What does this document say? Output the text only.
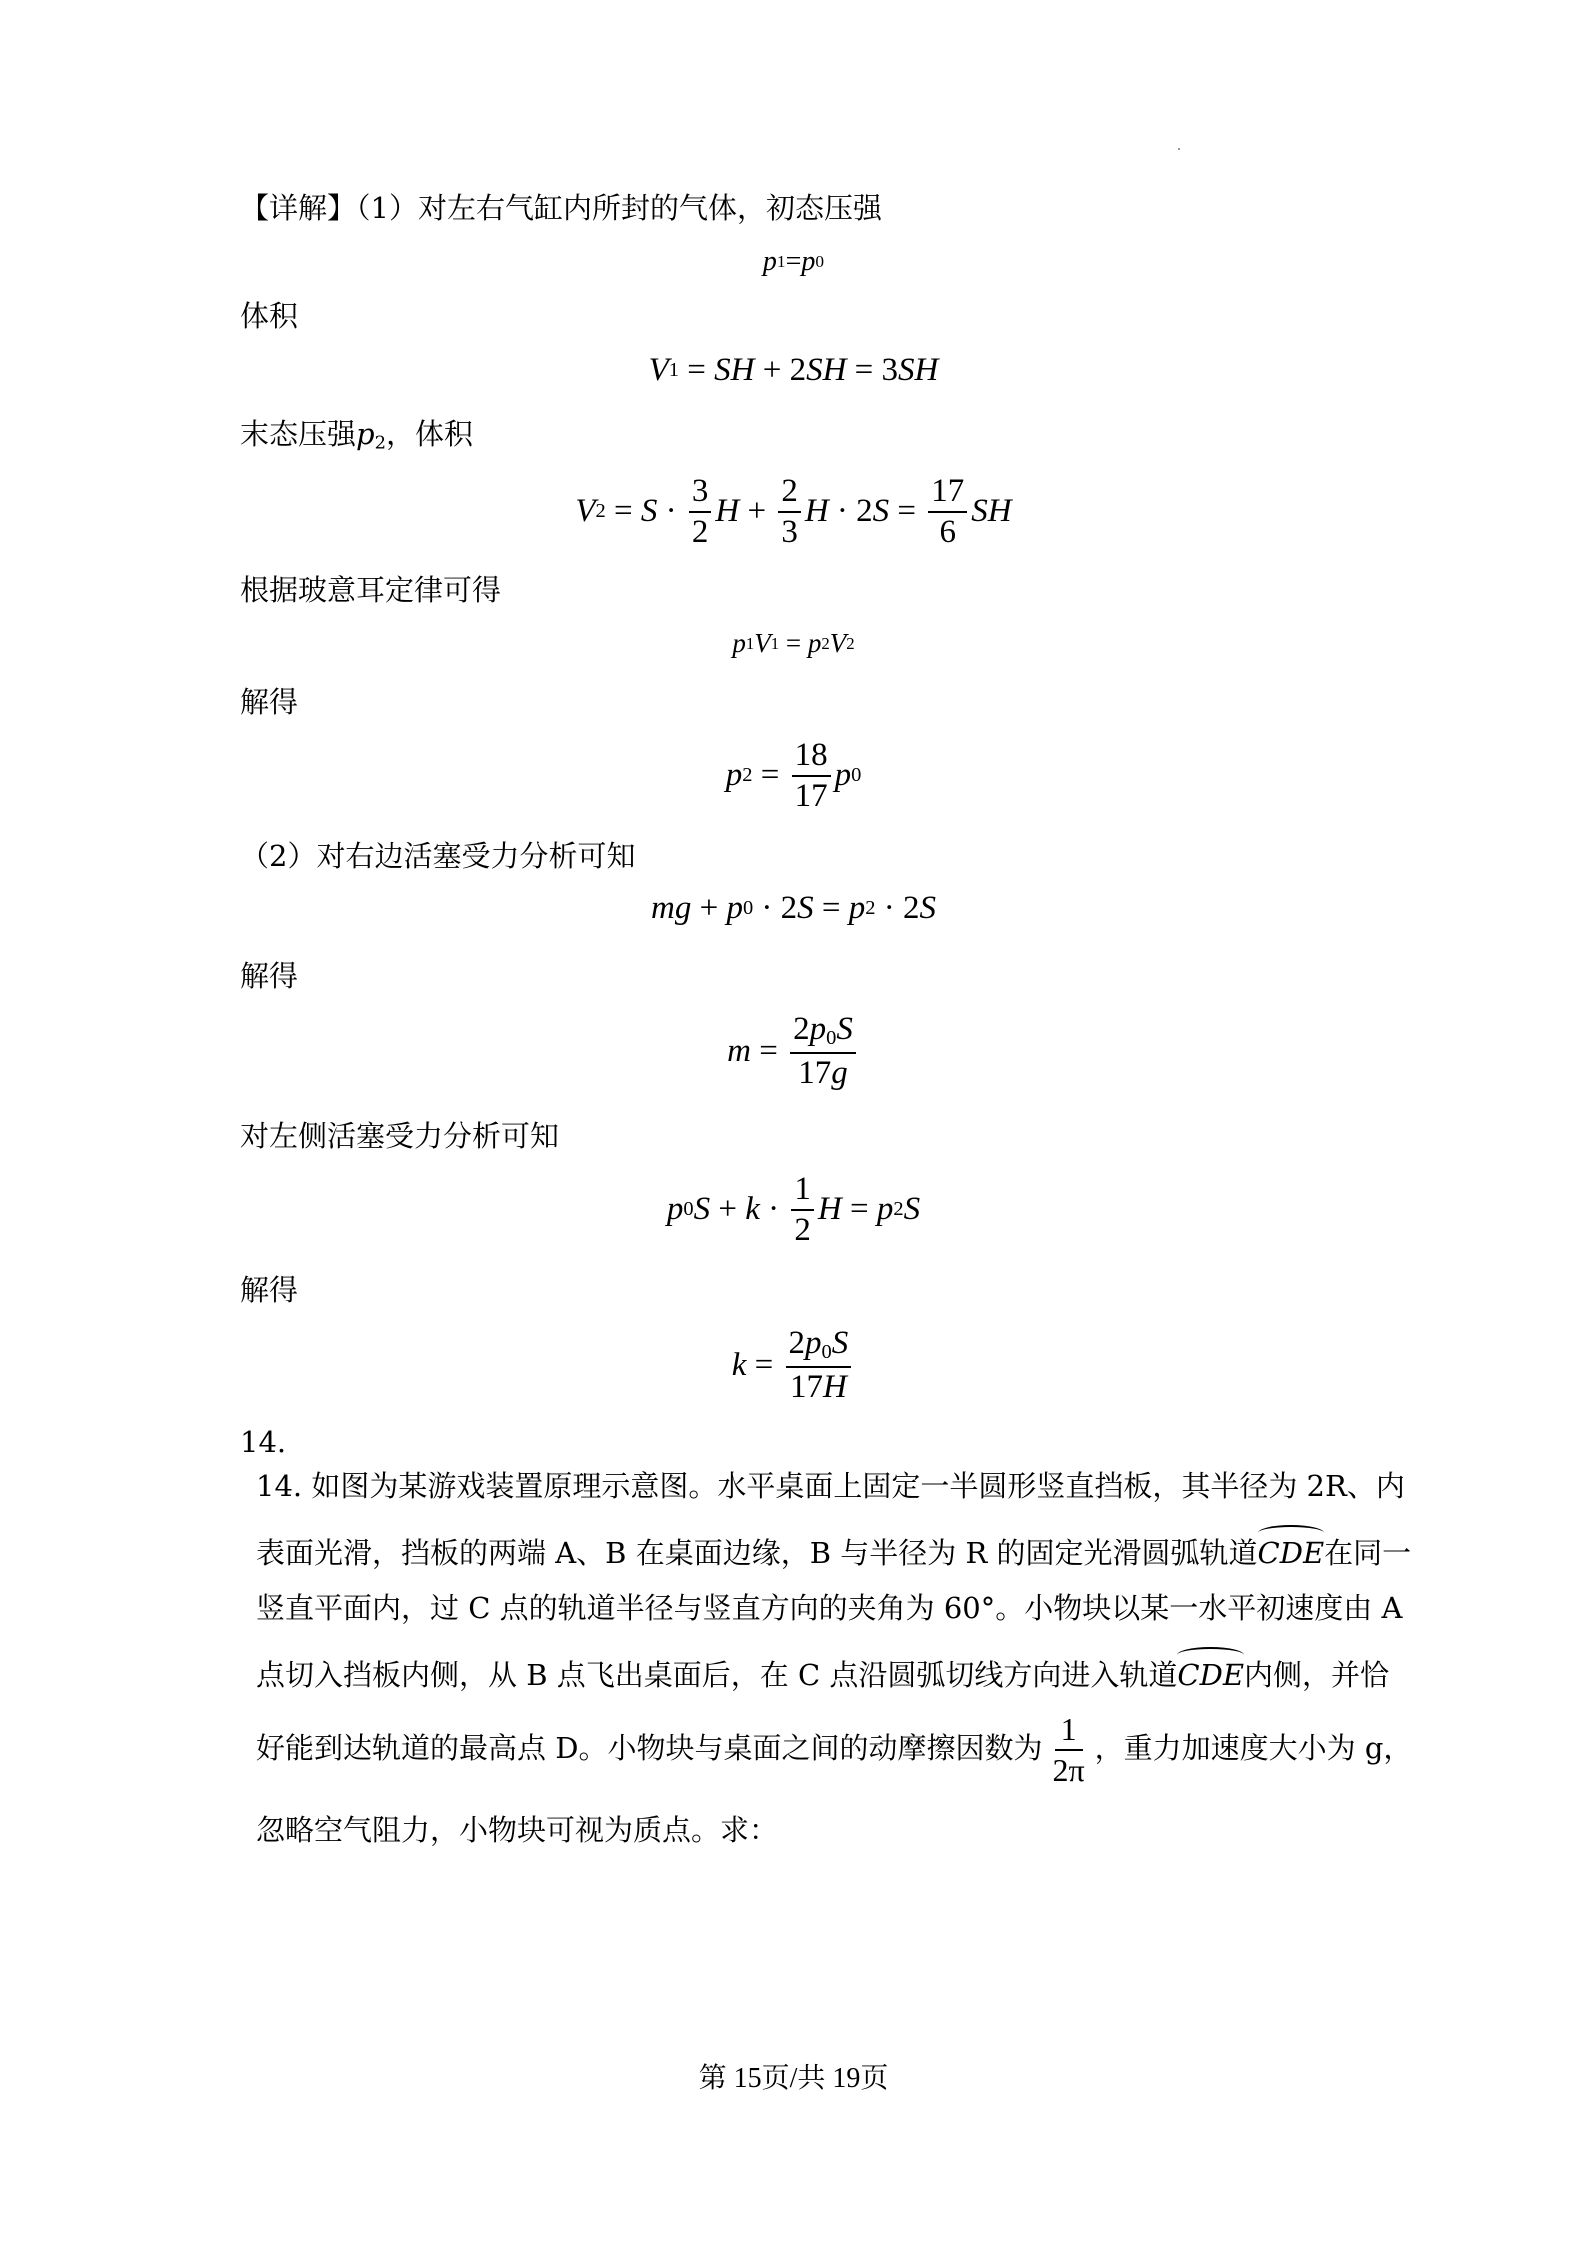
【详解】（1）对左右气缸内所封的气体，初态压强
p 1 = p 0
体积
V 1 = SH + 2 SH = 3 SH
末态压强$p_2$，体积
V $2 = S \cdot \frac{3}{2}$ $H + \frac{2}{3}$ H · 2 $S = \frac{17}{6}$ SH
根据玻意耳定律可得
p 1 V 1 = p 2 V 2
解得
p $2 = \frac{18}{17}$ p 0
（2）对右边活塞受力分析可知
mg + p 0 · 2 S = p 2 · 2 S
解得
$m = \frac{2p_0S}{17g}$
对左侧活塞受力分析可知
p 0 $S + k \cdot \frac{1}{2}$ H = p 2 S
解得
$k = \frac{2p_0S}{17H}$
14.
14. 如图为某游戏装置原理示意图。水平桌面上固定一半圆形竖直挡板，其半径为 2R、内
表面光滑，挡板的两端 A、B 在桌面边缘，B 与半径为 R 的固定光滑圆弧轨道CDE在同一
竖直平面内，过 C 点的轨道半径与竖直方向的夹角为 60°。小物块以某一水平初速度由 A
点切入挡板内侧，从 B 点飞出桌面后，在 C 点沿圆弧切线方向进入轨道CDE内侧，并恰
好能到达轨道的最高点 D。小物块与桌面之间的动摩擦因数为 $\frac{1}{2\pi}$ ，重力加速度大小为 g，
忽略空气阻力，小物块可视为质点。求：
第 15页/共 19页
